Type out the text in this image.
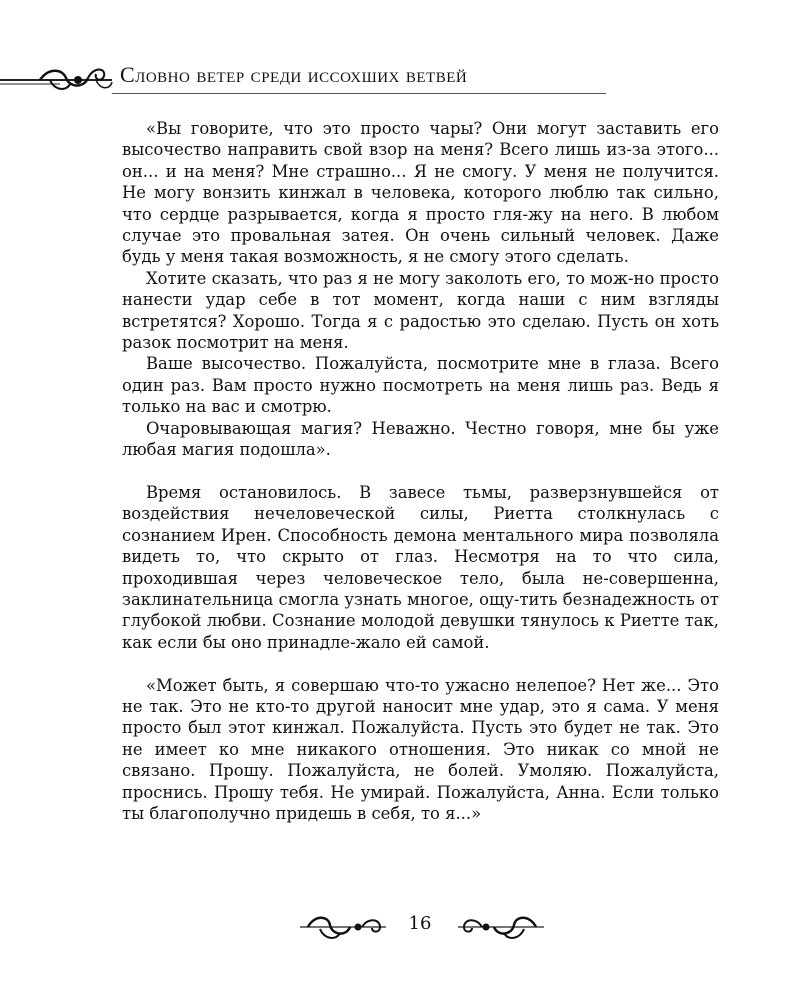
Словно ветер среди иссохших ветвей

«Вы говорите, что это просто чары? Они могут заставить его высочество направить свой взор на меня? Всего лишь из-за этого... он... и на меня? Мне страшно... Я не смогу. У меня не получится. Не могу вонзить кинжал в человека, которого люблю так сильно, что сердце разрывается, когда я просто гля-жу на него. В любом случае это провальная затея. Он очень сильный человек. Даже будь у меня такая возможность, я не смогу этого сделать.

Хотите сказать, что раз я не могу заколоть его, то мож-но просто нанести удар себе в тот момент, когда наши с ним взгляды встретятся? Хорошо. Тогда я с радостью это сделаю. Пусть он хоть разок посмотрит на меня.

Ваше высочество. Пожалуйста, посмотрите мне в глаза. Всего один раз. Вам просто нужно посмотреть на меня лишь раз. Ведь я только на вас и смотрю.

Очаровывающая магия? Неважно. Честно говоря, мне бы уже любая магия подошла».

Время остановилось. В завесе тьмы, разверзнувшейся от воздействия нечеловеческой силы, Риетта столкнулась с сознанием Ирен. Способность демона ментального мира позволяла видеть то, что скрыто от глаз. Несмотря на то что сила, проходившая через человеческое тело, была не-совершенна, заклинательница смогла узнать многое, ощу-тить безнадежность от глубокой любви. Сознание молодой девушки тянулось к Риетте так, как если бы оно принадле-жало ей самой.

«Может быть, я совершаю что-то ужасно нелепое? Нет же... Это не так. Это не кто-то другой наносит мне удар, это я сама. У меня просто был этот кинжал. Пожалуйста. Пусть это будет не так. Это не имеет ко мне никакого отношения. Это никак со мной не связано. Прошу. Пожалуйста, не болей. Умоляю. Пожалуйста, проснись. Прошу тебя. Не умирай. Пожалуйста, Анна. Если только ты благополучно придешь в себя, то я...»

16
